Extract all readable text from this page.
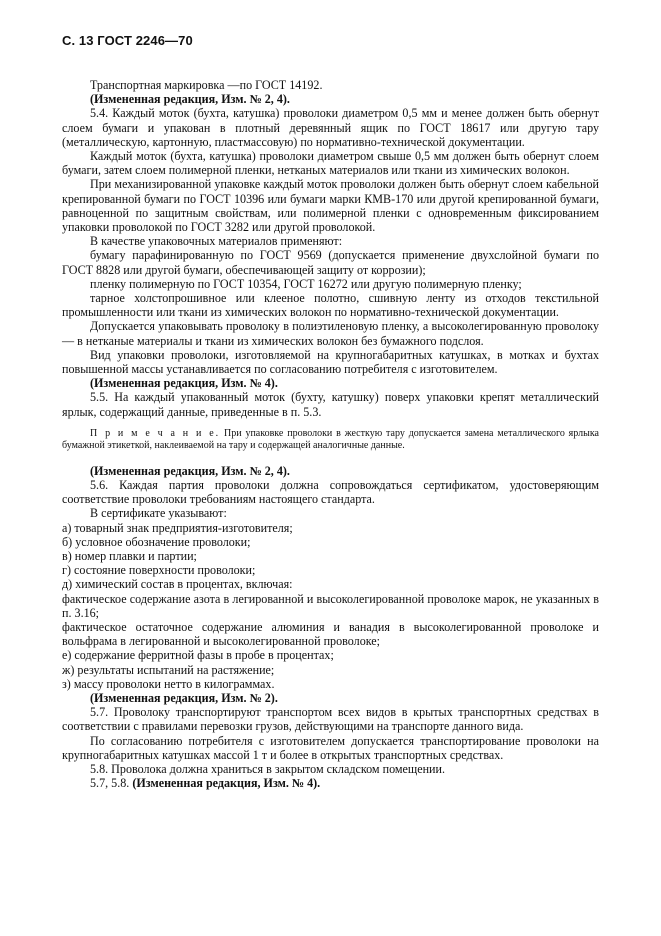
С. 13 ГОСТ 2246—70

Транспортная маркировка —по ГОСТ 14192.

(Измененная редакция, Изм. № 2, 4).

5.4. Каждый моток (бухта, катушка) проволоки диаметром 0,5 мм и менее должен быть обернут слоем бумаги и упакован в плотный деревянный ящик по ГОСТ 18617 или другую тару (металлическую, картонную, пластмассовую) по нормативно-технической документации.

Каждый моток (бухта, катушка) проволоки диаметром свыше 0,5 мм должен быть обернут слоем бумаги, затем слоем полимерной пленки, нетканых материалов или ткани из химических волокон.

При механизированной упаковке каждый моток проволоки должен быть обернут слоем кабельной крепированной бумаги по ГОСТ 10396 или бумаги марки КМВ-170 или другой крепированной бумаги, равноценной по защитным свойствам, или полимерной пленки с одновременным фиксированием упаковки проволокой по ГОСТ 3282 или другой проволокой.

В качестве упаковочных материалов применяют:

бумагу парафинированную по ГОСТ 9569 (допускается применение двухслойной бумаги по ГОСТ 8828 или другой бумаги, обеспечивающей защиту от коррозии);

пленку полимерную по ГОСТ 10354, ГОСТ 16272 или другую полимерную пленку;

тарное холстопрошивное или клееное полотно, сшивную ленту из отходов текстильной промышленности или ткани из химических волокон по нормативно-технической документации.

Допускается упаковывать проволоку в полиэтиленовую пленку, а высоколегированную проволоку — в нетканые материалы и ткани из химических волокон без бумажного подслоя.

Вид упаковки проволоки, изготовляемой на крупногабаритных катушках, в мотках и бухтах повышенной массы устанавливается по согласованию потребителя с изготовителем.

(Измененная редакция, Изм. № 4).

5.5. На каждый упакованный моток (бухту, катушку) поверх упаковки крепят металлический ярлык, содержащий данные, приведенные в п. 5.3.

П р и м е ч а н и е. При упаковке проволоки в жесткую тару допускается замена металлического ярлыка бумажной этикеткой, наклеиваемой на тару и содержащей аналогичные данные.

(Измененная редакция, Изм. № 2, 4).

5.6. Каждая партия проволоки должна сопровождаться сертификатом, удостоверяющим соответствие проволоки требованиям настоящего стандарта.

В сертификате указывают:

а) товарный знак предприятия-изготовителя;

б) условное обозначение проволоки;

в) номер плавки и партии;

г) состояние поверхности проволоки;

д) химический состав в процентах, включая:

фактическое содержание азота в легированной и высоколегированной проволоке марок, не указанных в п. 3.16;

фактическое остаточное содержание алюминия и ванадия в высоколегированной проволоке и вольфрама в легированной и высоколегированной проволоке;

е) содержание ферритной фазы в пробе в процентах;

ж) результаты испытаний на растяжение;

з) массу проволоки нетто в килограммах.

(Измененная редакция, Изм. № 2).

5.7. Проволоку транспортируют транспортом всех видов в крытых транспортных средствах в соответствии с правилами перевозки грузов, действующими на транспорте данного вида.

По согласованию потребителя с изготовителем допускается транспортирование проволоки на крупногабаритных катушках массой 1 т и более в открытых транспортных средствах.

5.8. Проволока должна храниться в закрытом складском помещении.

5.7, 5.8. (Измененная редакция, Изм. № 4).
